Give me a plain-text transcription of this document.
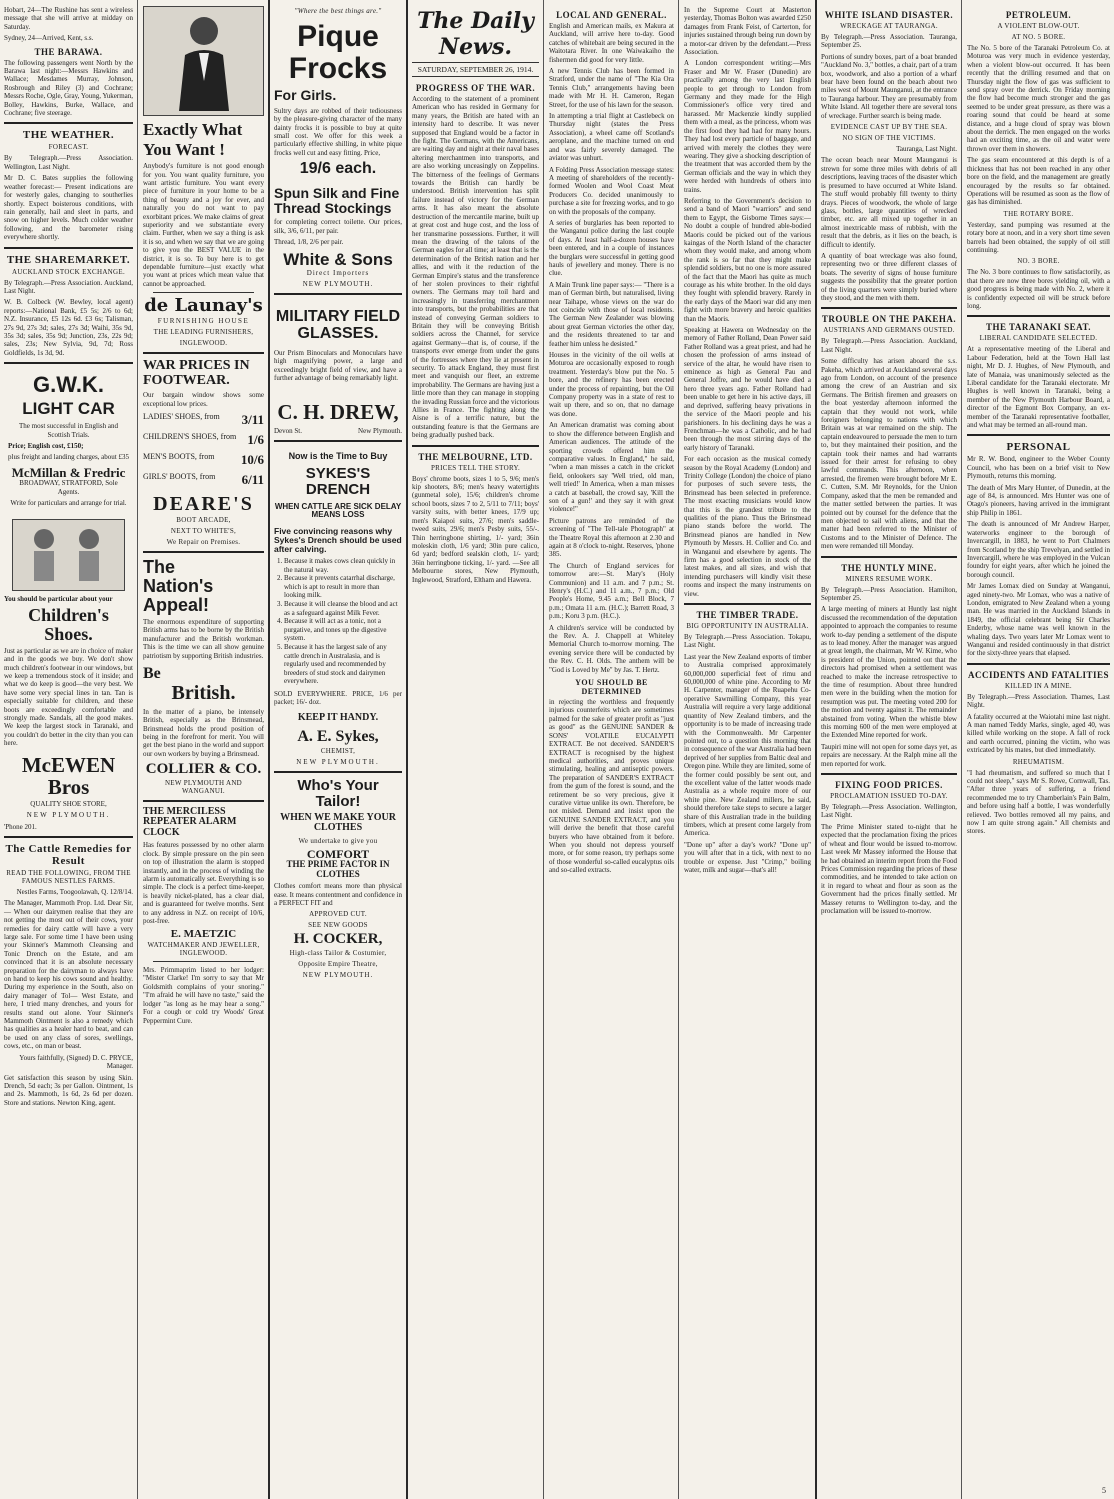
Hobart, 24—The Rushine has sent a wireless message that she will arrive at midday on Saturday.

Sydney, 24—Arrived, Kent, s.s.

THE BARAWA.

The following passengers went North by the Barawa last night:—Messrs Hawkins and Wallace; Mesdames Murray, Johnson, Rosbrough and Riley (3) and Cochrane; Messrs Roche, Ogle, Gray, Young, Yukerman, Bolley, Hawkins, Burke, Wallace, and Cochrane; five steerage.

THE WEATHER.
FORECAST.

By Telegraph.—Press Association. Wellington, Last Night.

Mr D. C. Bates supplies the following weather forecast:— Present indications are for westerly gales, changing to southerlies shortly. Expect boisterous conditions, with rain generally, hail and sleet in parts, and snow on higher levels. Much colder weather following, and the barometer rising everywhere shortly.

THE SHAREMARKET.
AUCKLAND STOCK EXCHANGE.

By Telegraph.—Press Association. Auckland, Last Night.

W. B. Colbeck (W. Bewley, local agent) reports:—National Bank, £5 5s; 2/6 to 6d; N.Z. Insurance, £5 12s 6d. £3 6s; Talisman, 27s 9d, 27s 3d; sales, 27s 3d; Waihi, 35s 9d, 35s 3d; sales, 35s 9d; Junction, 23s, 22s 9d; sales, 23s; New Sylvia, 9d, 7d; Ross Goldfields, 1s 3d, 9d.

G.W.K.
LIGHT CAR

The most successful in English and Scottish Trials.

Price; English cost, £150;

plus freight and landing charges, about £35

McMillan & Fredric

BROADWAY, STRATFORD, Sole Agents.

Write for particulars and arrange for trial.

You should be particular about your

Children's Shoes.

Just as particular as we are in choice of maker and in the goods we buy. We don't show much children's footwear in our windows, but we keep a tremendous stock of it inside; and what we do keep is good—the very best. We have some very special lines in tan. Tan is especially suitable for children, and these boots are exceedingly comfortable and strongly made. Sandals, all the good makes. We keep the largest stock in Taranaki, and you couldn't do better in the city than you can here.

McEWEN Bros

QUALITY SHOE STORE,

NEW PLYMOUTH.

'Phone 201.

The Cattle Remedies for Result
READ THE FOLLOWING, FROM THE FAMOUS NESTLES FARMS.

Nestles Farms, Toogoolawah, Q. 12/8/14.

The Manager, Mammoth Prop. Ltd. Dear Sir,— When our dairymen realise that they are not getting the most out of their cows, your remedies for dairy cattle will have a very large sale. For some time I have been using your Skinner's Mammoth Cleansing and Tonic Drench on the Estate, and am convinced that it is an absolute necessary preparation for the dairyman to always have on hand to keep his cows sound and healthy. During my experience in the South, also on dairy manager of Tol— West Estate, and here, I tried many drenches, and yours for results stand out alone. Your Skinner's Mammoth Ointment is also a remedy which has qualities as a healer hard to beat, and can be used on any class of sores, swellings, cows, etc., on man or beast.

Yours faithfully, (Signed) D. C. PRYCE, Manager.

Get satisfaction this season by using Skin. Drench, 5d each; 3s per Gallon. Ointment, 1s and 2s. Mammoth, 1s 6d, 2s 6d per dozen. Store and stations. Newton King, agent.

Exactly What You Want !

Anybody's furniture is not good enough for you. You want quality furniture, you want artistic furniture. You want every piece of furniture in your home to be a thing of beauty and a joy for ever, and naturally you do not want to pay exorbitant prices. We make claims of great superiority and we substantiate every claim. Further, when we say a thing is ask it is so, and when we say that we are going to give you the BEST VALUE in the district, it is so. To buy here is to get dependable furniture—just exactly what you want at prices which mean value that cannot be approached.

de Launay's
FURNISHING HOUSE
THE LEADING FURNISHERS,
INGLEWOOD.
WAR PRICES IN FOOTWEAR.

Our bargain window shows some exceptional low prices.

LADIES' SHOES, from 3/11
CHILDREN'S SHOES, from 1/6
MEN'S BOOTS, from 10/6
GIRLS' BOOTS, from 6/11
DEARE'S
BOOT ARCADE,
NEXT TO WHITE'S,
We Repair on Premises.
The
Nation's
Appeal!

The enormous expenditure of supporting British arms has to be borne by the British manufacturer and the British workman. This is the time we can all show genuine patriotism by supporting British industries.

Be
British.

In the matter of a piano, be intensely British, especially as the Brinsmead, Brinsmead holds the proud position of being in the forefront for merit. You will get the best piano in the world and support our own workers by buying a Brinsmead.

COLLIER & CO.
NEW PLYMOUTH AND WANGANUI.
THE MERCILESS REPEATER ALARM CLOCK

Has features possessed by no other alarm clock. By simple pressure on the pin seen on top of illustration the alarm is stopped instantly, and in the process of winding the alarm is automatically set. Everything is so simple. The clock is a perfect time-keeper, is heavily nickel-plated, has a clear dial, and is guaranteed for twelve months. Sent to any address in N.Z. on receipt of 10/6, post-free.

E. MAETZIC
WATCHMAKER AND JEWELLER, INGLEWOOD.

Mrs. Primmaprim listed to her lodger: "Mister Clarke! I'm sorry to say that Mr Goldsmith complains of your snoring." "I'm afraid he will have no taste," said the lodger "as long as he may hear a song." For a cough or cold try Woods' Great Peppermint Cure.

"Where the best things are."
Pique
Frocks
For Girls.

Sultry days are robbed of their tediousness by the pleasure-giving character of the many dainty frocks it is possible to buy at quite small cost. We offer for this week a particularly effective shilling, in white pique frocks well cut and easy fitting. Price,

19/6 each.
Spun Silk and Fine Thread Stockings

for completing correct toilette. Our prices, silk, 3/6, 6/11, per pair.

Thread, 1/8, 2/6 per pair.

White & Sons
Direct Importers
NEW PLYMOUTH.
MILITARY FIELD GLASSES.

Our Prism Binoculars and Monoculars have high magnifying power, a large and exceedingly bright field of view, and have a further advantage of being remarkably light.

C. H. DREW,
Devon St.	New Plymouth.
Now is the Time to Buy
SYKES'S DRENCH
WHEN CATTLE ARE SICK DELAY MEANS LOSS
Five convincing reasons why Sykes's Drench should be used after calving.
1. Because it makes cows clean quickly in the natural way.
2. Because it prevents catarrhal discharge, which is apt to result in more than looking milk.
3. Because it will cleanse the blood and act as a safeguard against Milk Fever.
4. Because it will act as a tonic, not a purgative, and tones up the digestive system.
5. Because it has the largest sale of any cattle drench in Australasia, and is regularly used and recommended by breeders of stud stock and dairymen everywhere.

SOLD EVERYWHERE. PRICE, 1/6 per packet; 16/- doz.

KEEP IT HANDY.
A. E. Sykes,
CHEMIST,
NEW PLYMOUTH.
Who's Your Tailor!
WHEN WE MAKE YOUR CLOTHES
We undertake to give you
COMFORT
THE PRIME FACTOR IN CLOTHES

Clothes comfort means more than physical ease. It means contentment and confidence in a PERFECT FIT and

APPROVED CUT.
SEE NEW GOODS
H. COCKER,
High-class Tailor & Costumier,
Opposite Empire Theatre,
NEW PLYMOUTH.
The Daily News.
SATURDAY, SEPTEMBER 26, 1914.
PROGRESS OF THE WAR.

According to the statement of a prominent American who has resided in Germany for many years, the British are hated with an intensity hard to describe. It was never supposed that England would be a factor in the fight. The Germans, with the Americans, are waiting day and night at their naval bases altering merchantmen into transports, and are also working unceasingly on Zeppelins. The bitterness of the feelings of Germans towards the British can hardly be understood. British intervention has split failure instead of victory for the German arms. It has also meant the absolute destruction of the mercantile marine, built up at great cost and huge cost, and the loss of her transmarine possessions. Further, it will mean the drawing of the talons of the German eagles for all time; at least that is the determination of the British nation and her allies, and with it the reduction of the German Empire's status and the transference of her stolen provinces to their rightful owners. The Germans may toil hard and increasingly in transferring merchantmen into transports, but the probabilities are that instead of conveying German soldiers to Britain they will be conveying British soldiers across the Channel, for service against Germany—that is, of course, if the transports ever emerge from under the guns of the fortresses where they lie at present in security. To attack England, they must first meet and vanquish our fleet, an extreme improbability. The Germans are having just a little more than they can manage in stopping the invading Russian force and the victorious Allies in France. The fighting along the Aisne is of a terrific nature, but the outstanding feature is that the Germans are being gradually pushed back.

THE MELBOURNE, LTD.
PRICES TELL THE STORY.

Boys' chrome boots, sizes 1 to 5, 9/6; men's kip shooters, 8/6; men's heavy watertights (gunmetal sole), 15/6; children's chrome school boots, sizes 7 to 2, 5/11 to 7/11; boys' varsity suits, with better knees, 17/9 up; men's Kaiapoi suits, 27/6; men's saddle-tweed suits, 29/6; men's Pesby suits, 55/-. Thin herringbone shirting, 1/- yard; 36in moleskin cloth, 1/6 yard; 30in pure calico, 6d yard; bedford sealskin cloth, 1/- yard; 36in herringbone ticking, 1/- yard. —See all Melbourne stores, New Plymouth, Inglewood, Stratford, Eltham and Hawera.

LOCAL AND GENERAL.

English and American mails, ex Makura at Auckland, will arrive here to-day. Good catches of whitebait are being secured in the Waitotara River. In one Waiwakaiho the fishermen did good for very little.

A new Tennis Club has been formed in Stratford, under the name of "The Kia Ora Tennis Club," arrangements having been made with Mr H. H. Cameron, Regan Street, for the use of his lawn for the season.

In attempting a trial flight at Castlebeck on Thursday night (states the Press Association), a wheel came off Scotland's aeroplane, and the machine turned on end and was fairly severely damaged. The aviator was unhurt.

A Folding Press Association message states: A meeting of shareholders of the recently-formed Woolen and Wool Coast Meat Producers Co. decided unanimously to purchase a site for freezing works, and to go on with the proposals of the company.

A series of burglaries has been reported to the Wanganui police during the last couple of days. At least half-a-dozen houses have been entered, and in a couple of instances the burglars were successful in getting good hauls of jewellery and money. There is no clue.

A Main Trunk line paper says:— "There is a man of German birth, but naturalised, living near Taihape, whose views on the war do not coincide with those of local residents. The German New Zealander was blowing about great German victories the other day, and the residents threatened to tar and feather him unless he desisted."

Houses in the vicinity of the oil wells at Moturoa are occasionally exposed to rough treatment. Yesterday's blow put the No. 5 bore, and the refinery has been erected under the process of repainting, but the Oil Company property was in a state of rest to wait up there, and so on, that no damage was done.

An American dramatist was coming about to show the difference between English and American audiences. The attitude of the sporting crowds offered him the comparative values. In England," he said, "when a man misses a catch in the cricket field, onlookers say 'Well tried, old man, well tried!' In America, when a man misses a catch at baseball, the crowd say, 'Kill the son of a gun!' and they say it with great violence!"

Picture patrons are reminded of the screening of "The Tell-tale Photograph" at the Theatre Royal this afternoon at 2.30 and again at 8 o'clock to-night. Reserves, 'phone 385.

The Church of England services for tomorrow are:—St. Mary's (Holy Communion) and 11 a.m. and 7 p.m.; St. Henry's (H.C.) and 11 a.m., 7 p.m.; Old People's Home, 9.45 a.m.; Bell Block, 7 p.m.; Omata 11 a.m. (H.C.); Barrett Road, 3 p.m.; Koru 3 p.m. (H.C.).

A children's service will be conducted by the Rev. A. J. Chappell at Whiteley Memorial Church to-morrow morning. The evening service there will be conducted by the Rev. C. H. Olds. The anthem will be "God is Loved by Me" by Jas. T. Hertz.

YOU SHOULD BE DETERMINED

in rejecting the worthless and frequently injurious counterfeits which are sometimes palmed for the sake of greater profit as "just as good" as the GENUINE SANDER & SONS' VOLATILE EUCALYPTI EXTRACT. Be not deceived. SANDER'S EXTRACT is recognised by the highest medical authorities, and proves unique stimulating, healing and antiseptic powers. The preparation of SANDER'S EXTRACT from the gum of the forest is sound, and the retirement be so very precious, give it curative virtue unlike its own. Therefore, be not misled. Demand and insist upon the GENUINE SANDER EXTRACT, and you will derive the benefit that those careful buyers who have obtained from it before. When you should not depress yourself more, or for some reason, try perhaps some of those wonderful so-called eucalyptus oils and so-called extracts.

In the Supreme Court at Masterton yesterday, Thomas Bolton was awarded £250 damages from Frank Feist, of Carterton, for injuries sustained through being run down by a motor-car driven by the defendant.—Press Association.

A London correspondent writing:—Mrs Fraser and Mr W. Fraser (Dunedin) are practically among the very last English people to get through to London from Germany and they made for the High Commissioner's office very tired and harassed. Mr Mackenzie kindly supplied them with a meal, as the princess, whom was the first food they had had for many hours. They had lost every particle of baggage, and arrived with merely the clothes they were wearing. They give a shocking description of the treatment that was accorded them by the German officials and the way in which they were herded with hundreds of others into trains.

Referring to the Government's decision to send a band of Maori "warriors" and send them to Egypt, the Gisborne Times says:—No doubt a couple of hundred able-bodied Maoris could be picked out of the various kaingas of the North Island of the character whom they would make, and among whom the rank is so far that they might make splendid soldiers, but no one is more assured of the fact that the Maori has quite as much courage as his white brother. In the old days they fought with splendid bravery. Rarely in the early days of the Maori war did any men fight with more bravery and heroic qualities than the Maoris.

Speaking at Hawera on Wednesday on the memory of Father Rolland, Dean Power said Father Rolland was a great priest, and had he chosen the profession of arms instead of service of the altar, he would have risen to eminence as high as General Pau and General Joffre, and he would have died a hero three years ago. Father Rolland had been unable to get here in his active days, ill and deprived, suffering heavy privations in the service of the Maori people and his parishioners. In his declining days he was a Frenchman—he was a Catholic, and he had been through the most stirring days of the early history of Taranaki.

For each occasion as the musical comedy season by the Royal Academy (London) and Trinity College (London) the choice of piano for purposes of such severe tests, the Brinsmead has been selected in preference. The most exacting musicians would know that this is the grandest tribute to the qualities of the piano. Thus the Brinsmead piano stands before the world. The Brinsmead pianos are handled in New Plymouth by Messrs. H. Collier and Co. and in Wanganui and elsewhere by agents. The firm has a good selection in stock of the latest makes, and all sizes, and wish that intending purchasers will kindly visit these rooms and inspect the many instruments on view.

THE TIMBER TRADE.
BIG OPPORTUNITY IN AUSTRALIA.

By Telegraph.—Press Association. Tokapu, Last Night.

Last year the New Zealand exports of timber to Australia comprised approximately 60,000,000 superficial feet of rimu and 60,000,000 of white pine. According to Mr H. Carpenter, manager of the Ruapehu Co-operative Sawmilling Company, this year Australia will require a very large additional quantity of New Zealand timbers, and the opportunity is to be made of increasing trade with the Commonwealth. Mr Carpenter pointed out, to a question this morning that in consequence of the war Australia had been deprived of her supplies from Baltic deal and Oregon pine. While they are limited, some of the former could possibly be sent out, and the excellent value of the latter woods made Australia as a whole require more of our white pine. New Zealand millers, he said, should therefore take steps to secure a larger share of this Australian trade in the building timbers, which at present come largely from America.

"Done up" after a day's work? "Done up" you will after that in a tick, with next to no trouble or expense. Just "Crimp," boiling water, milk and sugar—that's all!

WHITE ISLAND DISASTER.
WRECKAGE AT TAURANGA.

By Telegraph.—Press Association. Tauranga, September 25.

Portions of sundry boxes, part of a boat branded "Auckland No. 3," bottles, a chair, part of a tram box, woodwork, and also a portion of a wharf bear have been found on the beach about two miles west of Mount Maunganui, at the entrance to Tauranga harbour. They are presumably from White Island. All together there are several tons of wreckage. Further search is being made.

EVIDENCE CAST UP BY THE SEA.
NO SIGN OF THE VICTIMS.

Tauranga, Last Night.

The ocean beach near Mount Maunganui is strewn for some three miles with debris of all descriptions, leaving traces of the disaster which is presumed to have occurred at White Island. The stuff would probably fill twenty to thirty drays. Pieces of woodwork, the whole of large glass, bottles, large quantities of wrecked timber, etc. are all mixed up together in an almost inextricable mass of rubbish, with the result that the debris, as it lies on the beach, is difficult to identify.

A quantity of boat wreckage was also found, representing two or three different classes of boats. The severity of signs of house furniture suggests the possibility that the greater portion of the living quarters were simply buried where they stood, and the men with them.

TROUBLE ON THE PAKEHA.
AUSTRIANS AND GERMANS OUSTED.

By Telegraph.—Press Association. Auckland, Last Night.

Some difficulty has arisen aboard the s.s. Pakeha, which arrived at Auckland several days ago from London, on account of the presence among the crew of an Austrian and six Germans. The British firemen and greasers on the boat yesterday afternoon informed the captain that they would not work, while foreigners belonging to nations with which Britain was at war remained on the ship. The captain endeavoured to persuade the men to turn to, but they maintained their position, and the captain took their names and had warrants issued for their arrest for refusing to obey lawful commands. This afternoon, when arrested, the firemen were brought before Mr E. C. Cutten, S.M. Mr Reynolds, for the Union Company, asked that the men be remanded and the matter settled between the parties. It was pointed out by counsel for the defence that the men objected to sail with aliens, and that the matter had been referred to the Minister of Customs and to the Minister of Defence. The men were remanded till Monday.

THE HUNTLY MINE.
MINERS RESUME WORK.

By Telegraph.—Press Association. Hamilton, September 25.

A large meeting of miners at Huntly last night discussed the recommendation of the deputation appointed to approach the companies to resume work to-day pending a settlement of the dispute as to lead money. After the manager was argued at great length, the chairman, Mr W. Kime, who is president of the Union, pointed out that the directors had promised when a settlement was reached to make the increase retrospective to the time of resumption. About three hundred men were in the building when the motion for resumption was put. The meeting voted 200 for the motion and twenty against it. The remainder abstained from voting. When the whistle blew this morning 600 of the men were employed at the Extended Mine reported for work.

Taupiri mine will not open for some days yet, as repairs are necessary. At the Ralph mine all the men reported for work.

FIXING FOOD PRICES.
PROCLAMATION ISSUED TO-DAY.

By Telegraph.—Press Association. Wellington, Last Night.

The Prime Minister stated to-night that he expected that the proclamation fixing the prices of wheat and flour would be issued to-morrow. Last week Mr Massey informed the House that he had obtained an interim report from the Food Prices Commission regarding the prices of these commodities, and he intended to take action on it in regard to wheat and flour as soon as the Government had the prices finally settled. Mr Massey returns to Wellington to-day, and the proclamation will be issued to-morrow.

PETROLEUM.
A VIOLENT BLOW-OUT.
AT NO. 5 BORE.

The No. 5 bore of the Taranaki Petroleum Co. at Moturoa was very much in evidence yesterday, when a violent blow-out occurred. It has been recently that the drilling resumed and that on Thursday night the flow of gas was sufficient to send spray over the derrick. On Friday morning the flow had become much stronger and the gas seemed to be under great pressure, as there was a roaring sound that could be heard at some distance, and a huge cloud of spray was blown about the derrick. The men engaged on the works had an exciting time, as the oil and water were thrown over them in showers.

The gas seam encountered at this depth is of a thickness that has not been reached in any other bore on the field, and the management are greatly encouraged by the results so far obtained. Operations will be resumed as soon as the flow of gas has diminished.

THE ROTARY BORE.

Yesterday, sand pumping was resumed at the rotary bore at noon, and in a very short time seven barrels had been obtained, the supply of oil still continuing.

NO. 3 BORE.

The No. 3 bore continues to flow satisfactorily, as that there are now three bores yielding oil, with a good progress is being made with No. 2, where it is confidently expected oil will be struck before long.

THE TARANAKI SEAT.
LIBERAL CANDIDATE SELECTED.

At a representative meeting of the Liberal and Labour Federation, held at the Town Hall last night, Mr D. J. Hughes, of New Plymouth, and late of Manaia, was unanimously selected as the Liberal candidate for the Taranaki electorate. Mr Hughes is well known in Taranaki, being a member of the New Plymouth Harbour Board, a director of the Egmont Box Company, an ex-member of the Taranaki representative footballer, and what may be termed an all-round man.

PERSONAL

Mr R. W. Bond, engineer to the Weber County Council, who has been on a brief visit to New Plymouth, returns this morning.

The death of Mrs Mary Hunter, of Dunedin, at the age of 84, is announced. Mrs Hunter was one of Otago's pioneers, having arrived in the immigrant ship Philip in 1861.

The death is announced of Mr Andrew Harper, waterworks engineer to the borough of Invercargill, in 1883, he went to Port Chalmers from Scotland by the ship Trevelyan, and settled in Invercargill, where he was employed in the Vulcan foundry for eight years, after which he joined the borough council.

Mr James Lomax died on Sunday at Wanganui, aged ninety-two. Mr Lomax, who was a native of London, emigrated to New Zealand when a young man. He was married in the Auckland Islands in 1849, the official celebrant being Sir Charles Enderby, whose name was well known in the whaling days. Two years later Mr Lomax went to Wanganui and resided continuously in that district for the sixty-three years that elapsed.

ACCIDENTS AND FATALITIES
KILLED IN A MINE.

By Telegraph.—Press Association. Thames, Last Night.

A fatality occurred at the Waiotahi mine last night. A man named Teddy Marks, single, aged 40, was killed while working on the stope. A fall of rock and earth occurred, pinning the victim, who was extricated by his mates, but died immediately.

RHEUMATISM.

"I had rheumatism, and suffered so much that I could not sleep," says Mr S. Rowe, Cornwall, Tas. "After three years of suffering, a friend recommended me to try Chamberlain's Pain Balm, and before using half a bottle, I was wonderfully relieved. Two bottles removed all my pains, and now I am quite strong again." All chemists and stores.

5
